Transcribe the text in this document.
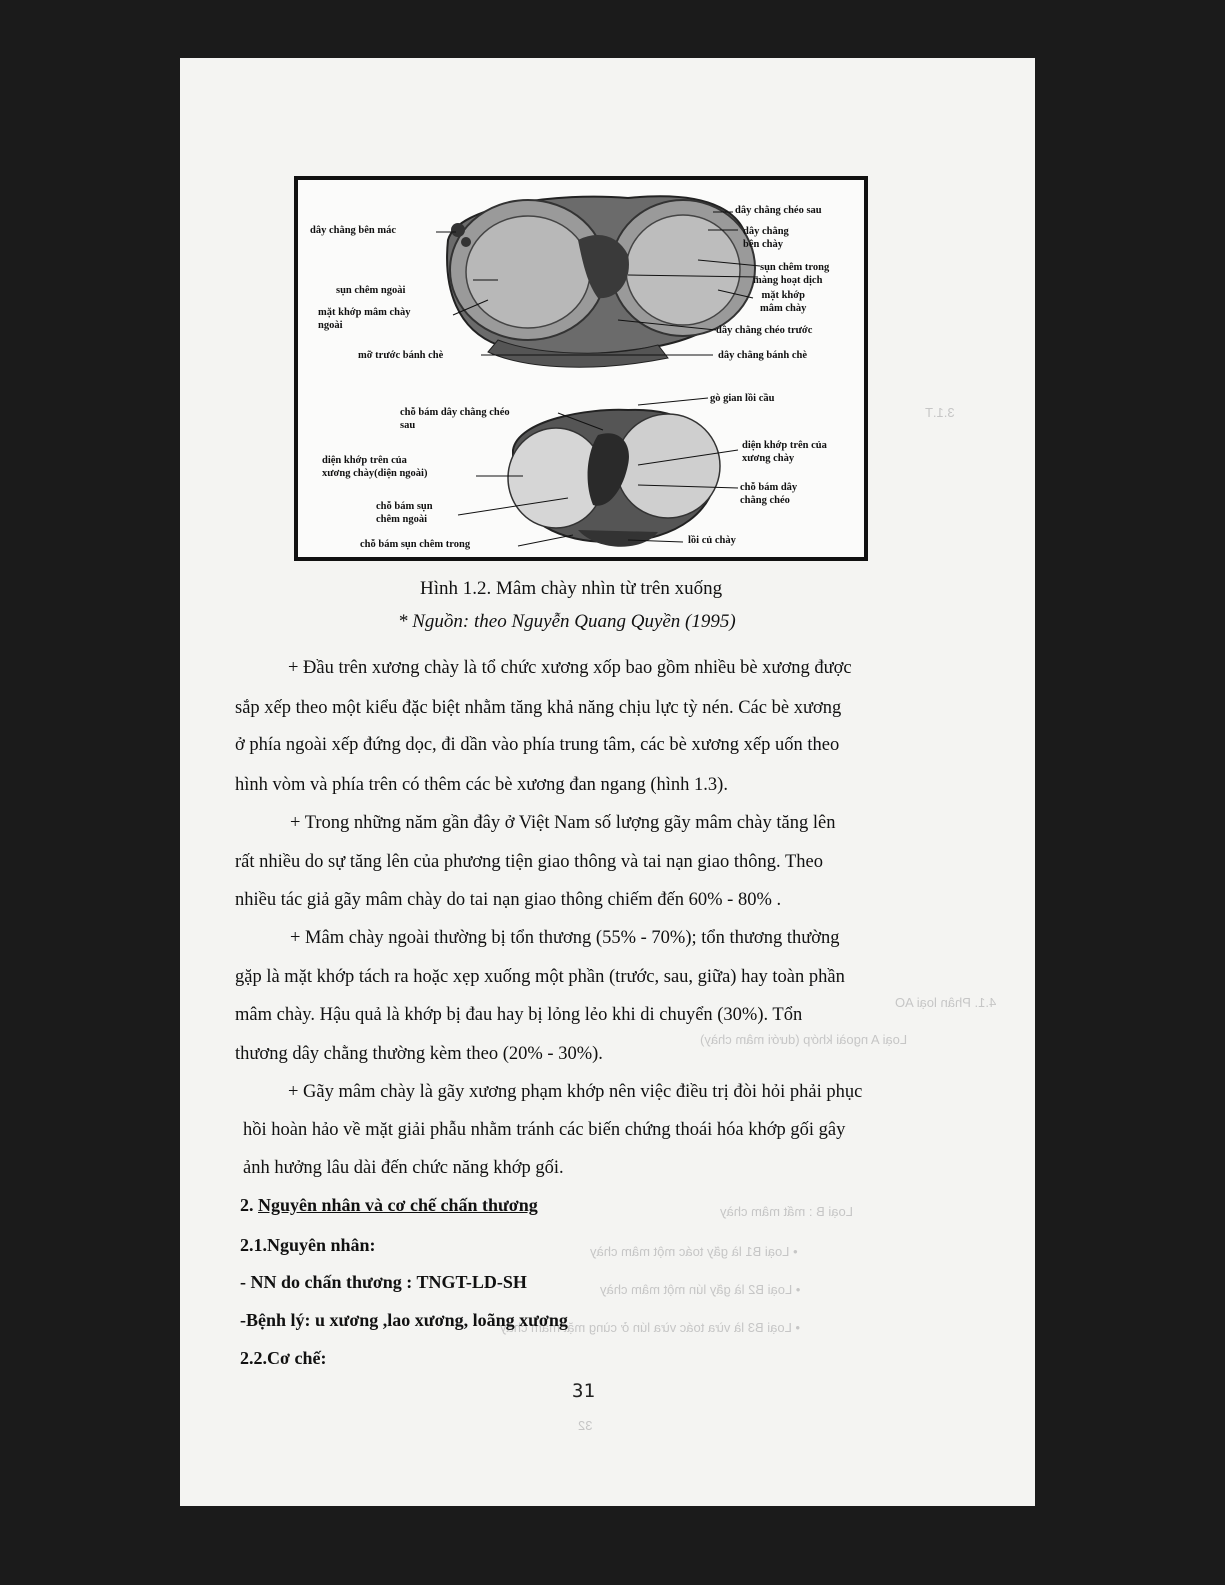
Loại B : mất mâm chày
• Loại B1 là gãy toác một mâm chày
• Loại B2 là gãy lún một mâm chày
• Loại B3 là vừa toác vừa lún ở cùng mặt mâm chày
Loại A ngoài khớp (dưới mâm chày)
4.1. Phân loại AO
3.1.T
32
dây chằng bên mác
dây chằng chéo sau
dây chằng
bên chày
sụn chêm trong
màng hoạt dịch
mặt khớp
mâm chày
sụn chêm ngoài
mặt khớp mâm chày
ngoài	dây chằng chéo trước
mỡ trước bánh chè	dây chằng bánh chè
chỗ bám dây chằng chéo
sau
gò gian lồi cầu
diện khớp trên của
xương chày
diện khớp trên của
xương chày(diện ngoài)
chỗ bám dây
chằng chéo
chỗ bám sụn
chêm ngoài
chỗ bám sụn chêm trong	lồi củ chày
Hình 1.2. Mâm chày nhìn từ trên xuống
* Nguồn: theo Nguyễn Quang Quyền (1995)
+ Đầu trên xương chày là tổ chức xương xốp bao gồm nhiều bè xương được
sắp xếp theo một kiểu đặc biệt nhằm tăng khả năng chịu lực tỳ nén. Các bè xương
ở phía ngoài xếp đứng dọc, đi dần vào phía trung tâm, các bè xương xếp uốn theo
hình vòm và phía trên có thêm các bè xương đan ngang (hình 1.3).
+ Trong những năm gần đây ở Việt Nam số lượng gãy mâm chày tăng lên
rất nhiều do sự tăng lên của phương tiện giao thông và tai nạn giao thông. Theo
nhiều tác giả gãy mâm chày do tai nạn giao thông chiếm đến 60% - 80% .
+ Mâm chày ngoài thường bị tổn thương (55% - 70%); tổn thương thường
gặp là mặt khớp tách ra hoặc xẹp xuống một phần (trước, sau, giữa) hay toàn phần
mâm chày. Hậu quả là khớp bị đau hay bị lỏng lẻo khi di chuyển (30%). Tổn
thương dây chằng thường kèm theo (20% - 30%).
+ Gãy mâm chày là gãy xương phạm khớp nên việc điều trị đòi hỏi phải phục
hồi hoàn hảo về mặt giải phẫu nhằm tránh các biến chứng thoái hóa khớp gối gây
ảnh hưởng lâu dài đến chức năng khớp gối.
2. Nguyên nhân và cơ chế chấn thương
2.1.Nguyên nhân:
- NN do chấn thương : TNGT-LD-SH
-Bệnh lý: u xương ,lao xương, loãng xương
2.2.Cơ chế:
31
